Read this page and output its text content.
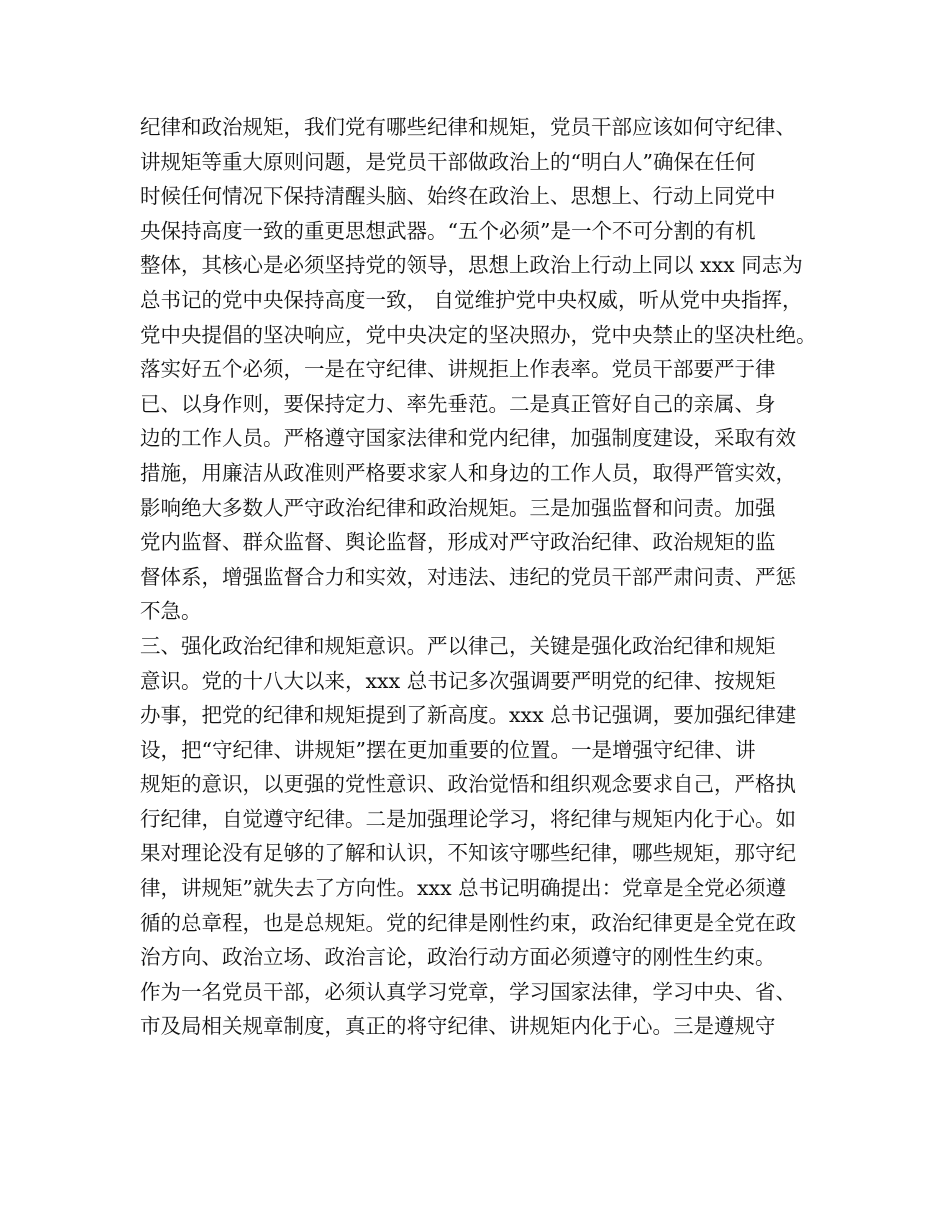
纪律和政治规矩，我们党有哪些纪律和规矩，党员干部应该如何守纪律、
讲规矩等重大原则问题，是党员干部做政治上的“明白人”确保在任何
时候任何情况下保持清醒头脑、始终在政治上、思想上、行动上同党中
央保持高度一致的重更思想武器。“五个必须”是一个不可分割的有机
整体，其核心是必须坚持党的领导，思想上政治上行动上同以 xxx 同志为
总书记的党中央保持高度一致， 自觉维护党中央权威，听从党中央指挥，
党中央提倡的坚决响应，党中央决定的坚决照办，党中央禁止的坚决杜绝。
落实好五个必须，一是在守纪律、讲规拒上作表率。党员干部要严于律
已、以身作则，要保持定力、率先垂范。二是真正管好自己的亲属、身
边的工作人员。严格遵守国家法律和党内纪律，加强制度建设，采取有效
措施，用廉洁从政准则严格要求家人和身边的工作人员，取得严管实效，
影响绝大多数人严守政治纪律和政治规矩。三是加强监督和问责。加强
党内监督、群众监督、舆论监督，形成对严守政治纪律、政治规矩的监
督体系，增强监督合力和实效，对违法、违纪的党员干部严肃问责、严惩
不急。
三、强化政治纪律和规矩意识。严以律己，关键是强化政治纪律和规矩
意识。党的十八大以来，xxx 总书记多次强调要严明党的纪律、按规矩
办事，把党的纪律和规矩提到了新高度。xxx 总书记强调，要加强纪律建
设，把“守纪律、讲规矩”摆在更加重要的位置。一是增强守纪律、讲
规矩的意识，以更强的党性意识、政治觉悟和组织观念要求自己，严格执
行纪律，自觉遵守纪律。二是加强理论学习，将纪律与规矩内化于心。如
果对理论没有足够的了解和认识，不知该守哪些纪律，哪些规矩，那守纪
律，讲规矩”就失去了方向性。xxx 总书记明确提出：党章是全党必须遵
循的总章程，也是总规矩。党的纪律是刚性约束，政治纪律更是全党在政
治方向、政治立场、政治言论，政治行动方面必须遵守的刚性生约束。
作为一名党员干部，必须认真学习党章，学习国家法律，学习中央、省、
市及局相关规章制度，真正的将守纪律、讲规矩内化于心。三是遵规守
